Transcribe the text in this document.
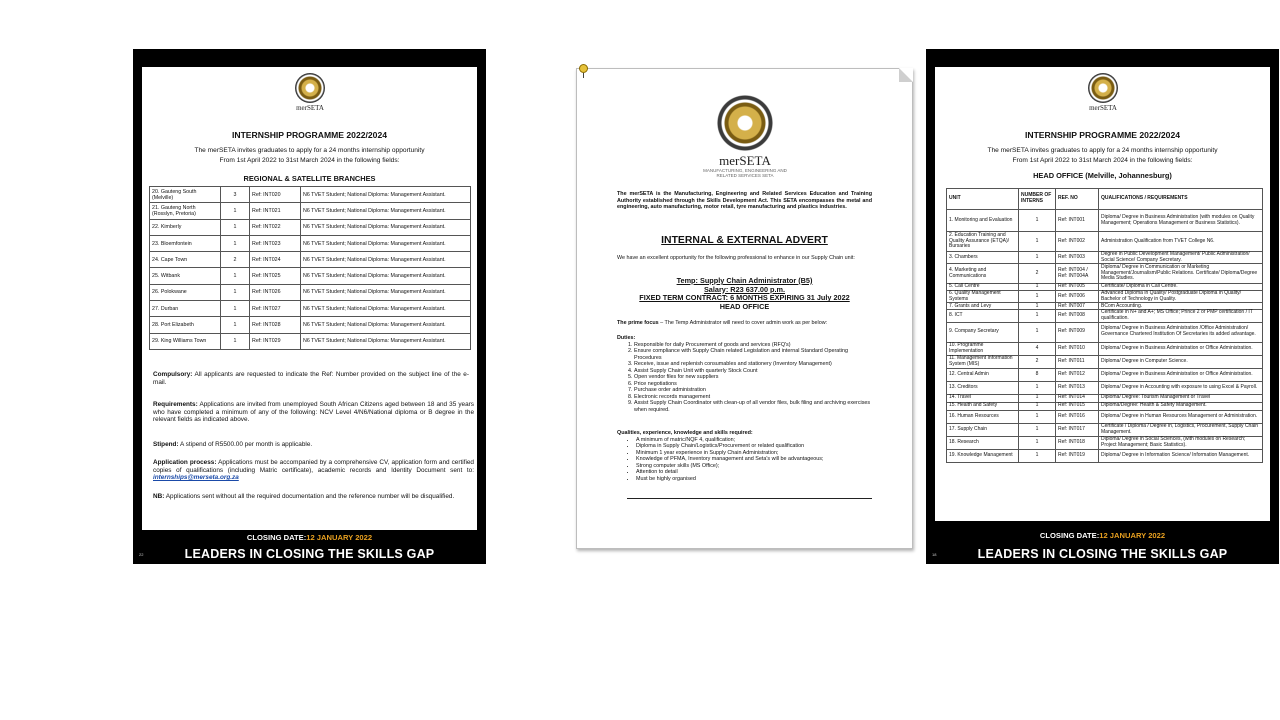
merSETA
INTERNSHIP PROGRAMME 2022/2024
The merSETA invites graduates to apply for a 24 months internship opportunity
From 1st April 2022 to 31st March 2024 in the following fields:
REGIONAL & SATELLITE BRANCHES
20. Gauteng South (Melville)	3	Ref: INT020	N6 TVET Student; National Diploma: Management Assistant.
21. Gauteng North (Rosslyn, Pretoria)	1	Ref: INT021	N6 TVET Student; National Diploma: Management Assistant.
22. Kimberly	1	Ref: INT022	N6 TVET Student; National Diploma: Management Assistant.
23. Bloemfontein	1	Ref: INT023	N6 TVET Student; National Diploma: Management Assistant.
24. Cape Town	2	Ref: INT024	N6 TVET Student; National Diploma: Management Assistant.
25. Witbank	1	Ref: INT025	N6 TVET Student; National Diploma: Management Assistant.
26. Polokwane	1	Ref: INT026	N6 TVET Student; National Diploma: Management Assistant.
27. Durban	1	Ref: INT027	N6 TVET Student; National Diploma: Management Assistant.
28. Port Elizabeth	1	Ref: INT028	N6 TVET Student; National Diploma: Management Assistant.
29. King Williams Town	1	Ref: INT029	N6 TVET Student; National Diploma: Management Assistant.
Compulsory: All applicants are requested to indicate the Ref: Number provided on the subject line of the e-mail.
Requirements: Applications are invited from unemployed South African Citizens aged between 18 and 35 years who have completed a minimum of any of the following: NCV Level 4/N6/National diploma or B degree in the relevant fields as indicated above.
Stipend: A stipend of R5500.00 per month is applicable.
Application process: Applications must be accompanied by a comprehensive CV, application form and certified copies of qualifications (including Matric certificate), academic records and Identity Document sent to: internships@merseta.org.za
NB: Applications sent without all the required documentation and the reference number will be disqualified.
CLOSING DATE:12 JANUARY 2022
LEADERS IN CLOSING THE SKILLS GAP
22
merSETA
MANUFACTURING, ENGINEERING AND RELATED SERVICES SETA
The merSETA is the Manufacturing, Engineering and Related Services Education and Training Authority established through the Skills Development Act. This SETA encompasses the metal and engineering, auto manufacturing, motor retail, tyre manufacturing and plastics industries.
INTERNAL & EXTERNAL ADVERT
We have an excellent opportunity for the following professional to enhance in our Supply Chain unit:
Temp: Supply Chain Administrator (B5)
Salary: R23 637.00 p.m.
FIXED TERM CONTRACT: 6 MONTHS EXPIRING 31 July 2022
HEAD OFFICE
The prime focus – The Temp Administrator will need to cover admin work as per below:
Duties:
1. Responsible for daily Procurement of goods and services (RFQ's)
2. Ensure compliance with Supply Chain related Legislation and internal Standard Operating Procedures
3. Receive, issue and replenish consumables and stationery (Inventory Management)
4. Assist Supply Chain Unit with quarterly Stock Count
5. Open vendor files for new suppliers
6. Price negotiations
7. Purchase order administration
8. Electronic records management
9. Assist Supply Chain Coordinator with clean-up of all vendor files, bulk filing and archiving exercises when required.
Qualities, experience, knowledge and skills required:
• A minimum of matric/NQF 4, qualification;
• Diploma in Supply Chain/Logistics/Procurement or related qualification
• Minimum 1 year experience in Supply Chain Administration;
• Knowledge of PFMA, Inventory management and Seta's will be advantageous;
• Strong computer skills (MS Office);
• Attention to detail
• Must be highly organised
merSETA
INTERNSHIP PROGRAMME 2022/2024
The merSETA invites graduates to apply for a 24 months internship opportunity
From 1st April 2022 to 31st March 2024 in the following fields:
HEAD OFFICE (Melville, Johannesburg)
UNIT	NUMBER OF INTERNS	REF. NO	QUALIFICATIONS / REQUIREMENTS
1. Monitoring and Evaluation	1	Ref: INT001	Diploma/ Degree in Business Administration (with modules on Quality Management; Operations Management or Business Statistics).
2. Education Training and Quality Assurance (ETQA)/ Bursaries	1	Ref: INT002	Administration Qualification from TVET College N6.
3. Chambers	1	Ref: INT003	Degree in Public Development Management/ Public Administration/ Social Science/ Company Secretary.
4. Marketing and Communications	2	Ref: INT004 / Ref: INT004A	Diploma/ Degree in Communication or Marketing Management/Journalism/Public Relations. Certificate/ Diploma/Degree Media Studies.
5. Call Centre	1	Ref: INT005	Certificate/ Diploma in Call Centre.
6. Quality Management Systems	1	Ref: INT006	Advanced Diploma in Quality/ Postgraduate Diploma in Quality/ Bachelor of Technology in Quality.
7. Grants and Levy	1	Ref: INT007	BCom Accounting.
8. ICT	1	Ref: INT008	Certificate in N+ and A+; MS Office; Prince 2 or PMP certification / IT qualification.
9. Company Secretary	1	Ref: INT009	Diploma/ Degree in Business Administration /Office Administration/ Governance Chartered Institution Of Secretaries its added advantage.
10. Programme Implementation	4	Ref: INT010	Diploma/ Degree in Business Administration or Office Administration.
11. Management Information System (MIS)	2	Ref: INT011	Diploma/ Degree in Computer Science.
12. Central Admin	8	Ref: INT012	Diploma/ Degree in Business Administration or Office Administration.
13. Creditors	1	Ref: INT013	Diploma/ Degree in Accounting with exposure to using Excel & Payroll.
14. Travel	1	Ref: INT014	Diploma/ Degree: Tourism Management or Travel
15. Health and Safety	1	Ref: INT015	Diploma/Degree: Health & Safety Management.
16. Human Resources	1	Ref: INT016	Diploma/ Degree in Human Resources Management or Administration.
17. Supply Chain	1	Ref: INT017	Certificate / Diploma / Degree in, Logistics, Procurement, Supply Chain Management.
18. Research	1	Ref: INT018	Diploma/ Degree in Social Sciences, (with modules on Research; Project Management; Basic Statistics).
19. Knowledge Management	1	Ref: INT019	Diploma/ Degree in Information Science/ Information Management.
CLOSING DATE:12 JANUARY 2022
LEADERS IN CLOSING THE SKILLS GAP
18
